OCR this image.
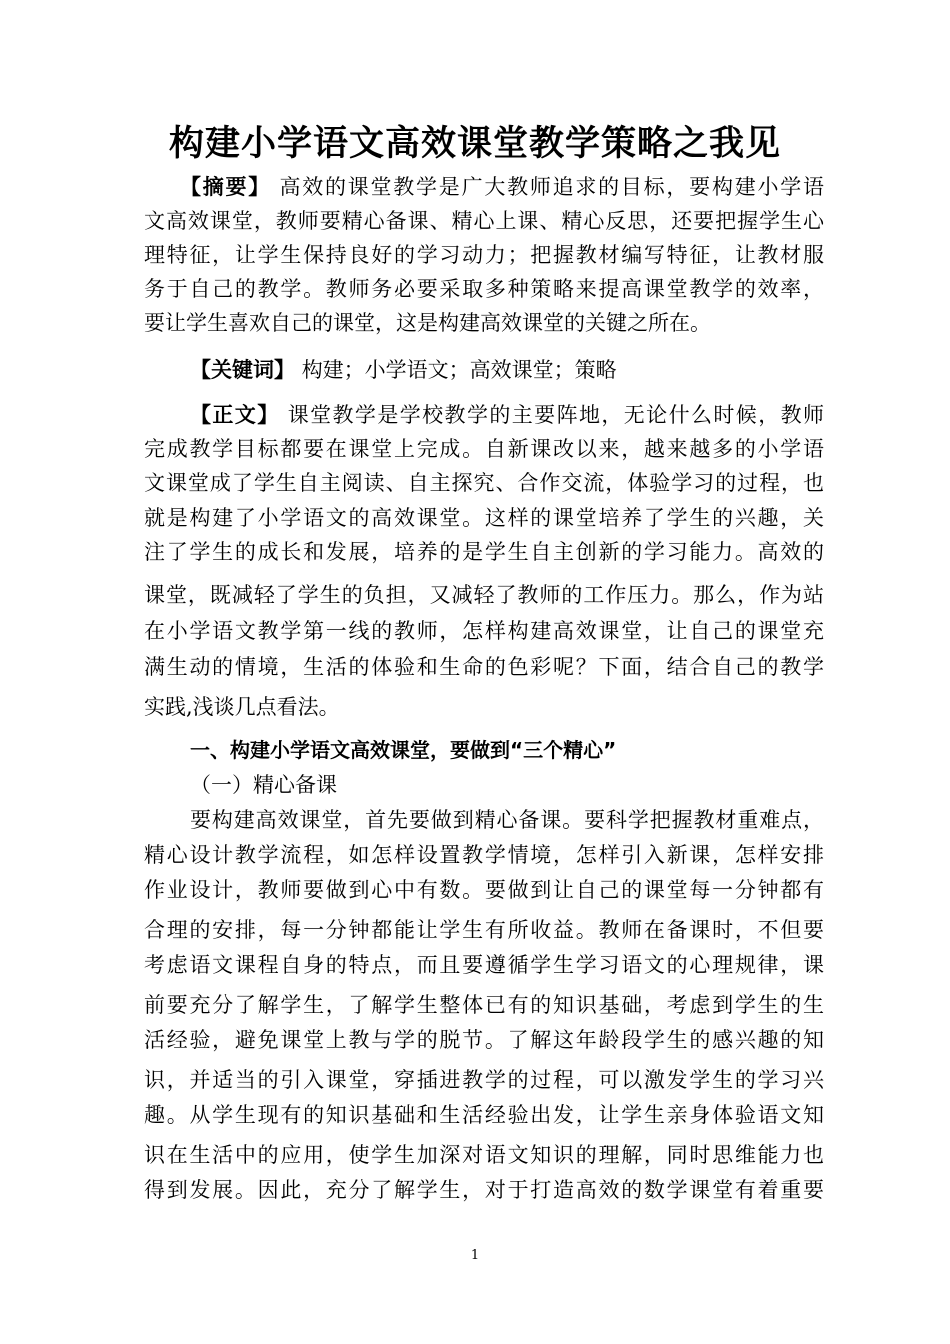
构建小学语文高效课堂教学策略之我见
【摘要】 高效的课堂教学是广大教师追求的目标，要构建小学语
文高效课堂，教师要精心备课、精心上课、精心反思，还要把握学生心
理特征，让学生保持良好的学习动力；把握教材编写特征，让教材服
务于自己的教学。教师务必要采取多种策略来提高课堂教学的效率，
要让学生喜欢自己的课堂，这是构建高效课堂的关键之所在。
【关键词】 构建；小学语文；高效课堂；策略
【正文】 课堂教学是学校教学的主要阵地，无论什么时候，教师
完成教学目标都要在课堂上完成。自新课改以来，越来越多的小学语
文课堂成了学生自主阅读、自主探究、合作交流，体验学习的过程，也
就是构建了小学语文的高效课堂。这样的课堂培养了学生的兴趣，关
注了学生的成长和发展，培养的是学生自主创新的学习能力。高效的
课堂，既减轻了学生的负担，又减轻了教师的工作压力。那么，作为站
在小学语文教学第一线的教师，怎样构建高效课堂，让自己的课堂充
满生动的情境，生活的体验和生命的色彩呢？下面，结合自己的教学
实践,浅谈几点看法。
一、构建小学语文高效课堂，要做到“三个精心”
（一）精心备课
要构建高效课堂，首先要做到精心备课。要科学把握教材重难点，
精心设计教学流程，如怎样设置教学情境，怎样引入新课，怎样安排
作业设计，教师要做到心中有数。要做到让自己的课堂每一分钟都有
合理的安排，每一分钟都能让学生有所收益。教师在备课时，不但要
考虑语文课程自身的特点，而且要遵循学生学习语文的心理规律，课
前要充分了解学生，了解学生整体已有的知识基础，考虑到学生的生
活经验，避免课堂上教与学的脱节。了解这年龄段学生的感兴趣的知
识，并适当的引入课堂，穿插进教学的过程，可以激发学生的学习兴
趣。从学生现有的知识基础和生活经验出发，让学生亲身体验语文知
识在生活中的应用，使学生加深对语文知识的理解，同时思维能力也
得到发展。因此，充分了解学生，对于打造高效的数学课堂有着重要
1
